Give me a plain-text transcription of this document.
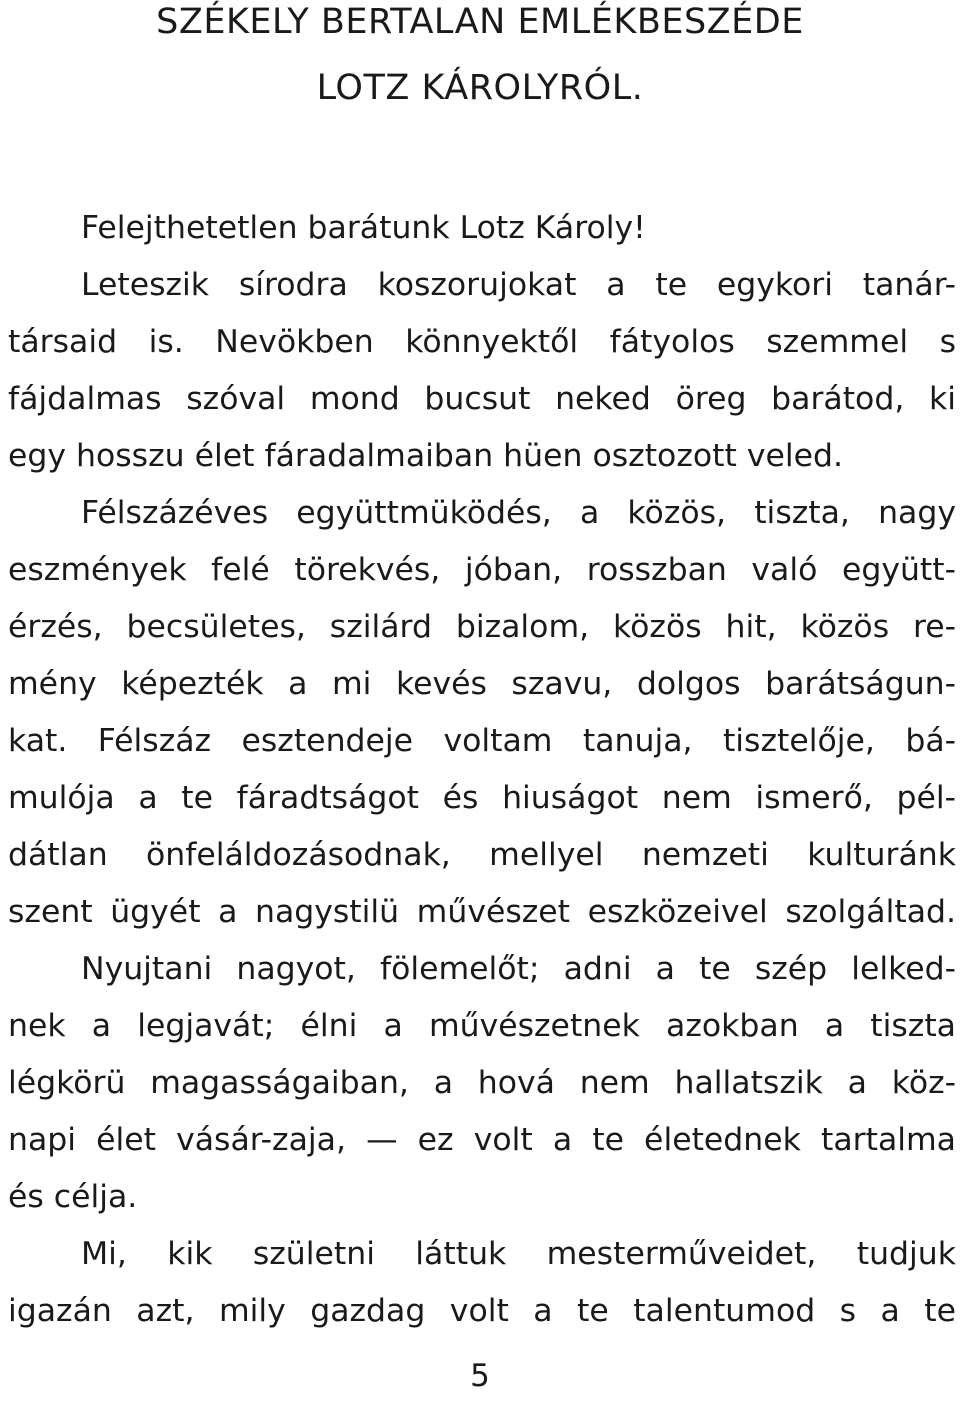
SZÉKELY BERTALAN EMLÉKBESZÉDE
LOTZ KÁROLYRÓL.
Felejthetetlen barátunk Lotz Károly!
Leteszik sírodra koszorujokat a te egykori tanár-
társaid is. Nevökben könnyektől fátyolos szemmel s
fájdalmas szóval mond bucsut neked öreg barátod, ki
egy hosszu élet fáradalmaiban hüen osztozott veled.
Félszázéves együttmüködés, a közös, tiszta, nagy
eszmények felé törekvés, jóban, rosszban való együtt-
érzés, becsületes, szilárd bizalom, közös hit, közös re-
mény képezték a mi kevés szavu, dolgos barátságun-
kat. Félszáz esztendeje voltam tanuja, tisztelője, bá-
mulója a te fáradtságot és hiuságot nem ismerő, pél-
dátlan önfeláldozásodnak, mellyel nemzeti kulturánk
szent ügyét a nagystilü művészet eszközeivel szolgáltad.
Nyujtani nagyot, fölemelőt; adni a te szép lelked-
nek a legjavát; élni a művészetnek azokban a tiszta
légkörü magasságaiban, a hová nem hallatszik a köz-
napi élet vásár-zaja, — ez volt a te életednek tartalma
és célja.
Mi, kik születni láttuk mesterműveidet, tudjuk
igazán azt, mily gazdag volt a te talentumod s a te

5
